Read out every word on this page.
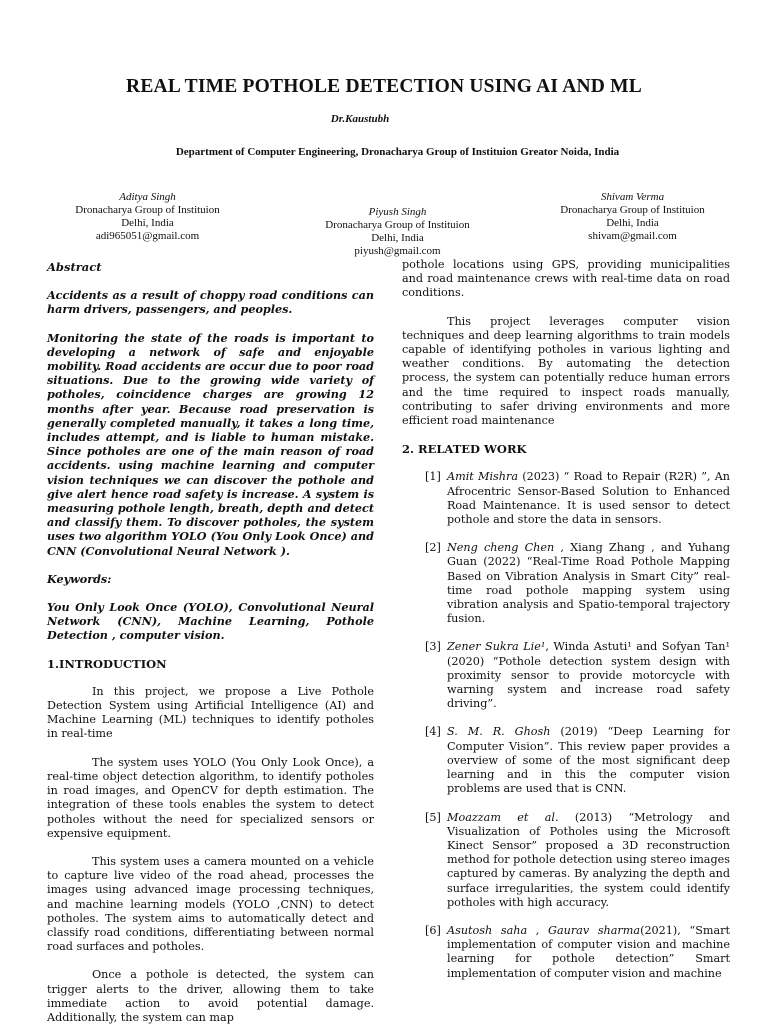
REAL TIME POTHOLE DETECTION USING AI AND ML
Dr.Kaustubh
Department of Computer Engineering, Dronacharya Group of Instituion Greator Noida, India
Aditya Singh
Dronacharya Group of Instituion
Delhi, India
adi965051@gmail.com
Piyush Singh
Dronacharya Group of Instituion
Delhi, India
piyush@gmail.com
Shivam Verma
Dronacharya Group of Instituion
Delhi, India
shivam@gmail.com

Abstract

Accidents as a result of choppy road conditions can harm drivers, passengers, and peoples.

Monitoring the state of the roads is important to developing a network of safe and enjoyable mobility. Road accidents are occur due to poor road situations. Due to the growing wide variety of potholes, coincidence charges are growing 12 months after year. Because road preservation is generally completed manually, it takes a long time, includes attempt, and is liable to human mistake. Since potholes are one of the main reason of road accidents. using machine learning and computer vision techniques we can discover the pothole and give alert hence road safety is increase. A system is measuring pothole length, breath, depth and detect and classify them. To discover potholes, the system uses two algorithm YOLO (You Only Look Once) and CNN (Convolutional Neural Network ).

Keywords:

You Only Look Once (YOLO), Convolutional Neural Network (CNN), Machine Learning, Pothole Detection , computer vision.

1.INTRODUCTION

In this project, we propose a Live Pothole Detection System using Artificial Intelligence (AI) and Machine Learning (ML) techniques to identify potholes in real-time

The system uses YOLO (You Only Look Once), a real-time object detection algorithm, to identify potholes in road images, and OpenCV for depth estimation. The integration of these tools enables the system to detect potholes without the need for specialized sensors or expensive equipment.

This system uses a camera mounted on a vehicle to capture live video of the road ahead, processes the images using advanced image processing techniques, and machine learning models (YOLO ,CNN) to detect potholes. The system aims to automatically detect and classify road conditions, differentiating between normal road surfaces and potholes.

Once a pothole is detected, the system can trigger alerts to the driver, allowing them to take immediate action to avoid potential damage. Additionally, the system can map

pothole locations using GPS, providing municipalities and road maintenance crews with real-time data on road conditions.

This project leverages computer vision techniques and deep learning algorithms to train models capable of identifying potholes in various lighting and weather conditions. By automating the detection process, the system can potentially reduce human errors and the time required to inspect roads manually, contributing to safer driving environments and more efficient road maintenance

2. RELATED WORK

[1] Amit Mishra (2023) “ Road to Repair (R2R) ”, An Afrocentric Sensor-Based Solution to Enhanced Road Maintenance. It is used sensor to detect pothole and store the data in sensors.
[2] Neng cheng Chen , Xiang Zhang , and Yuhang Guan (2022) “Real-Time Road Pothole Mapping Based on Vibration Analysis in Smart City” real-time road pothole mapping system using vibration analysis and Spatio-temporal trajectory fusion.
[3] Zener Sukra Lie¹, Winda Astuti¹ and Sofyan Tan¹ (2020) “Pothole detection system design with proximity sensor to provide motorcycle with warning system and increase road safety driving”.
[4] S. M. R. Ghosh (2019) “Deep Learning for Computer Vision”. This review paper provides a overview of some of the most significant deep learning and in this the computer vision problems are used that is CNN.
[5] Moazzam et al. (2013) “Metrology and Visualization of Potholes using the Microsoft Kinect Sensor” proposed a 3D reconstruction method for pothole detection using stereo images captured by cameras. By analyzing the depth and surface irregularities, the system could identify potholes with high accuracy.
[6] Asutosh saha , Gaurav sharma(2021), “Smart implementation of computer vision and machine learning for pothole detection” Smart implementation of computer vision and machine
